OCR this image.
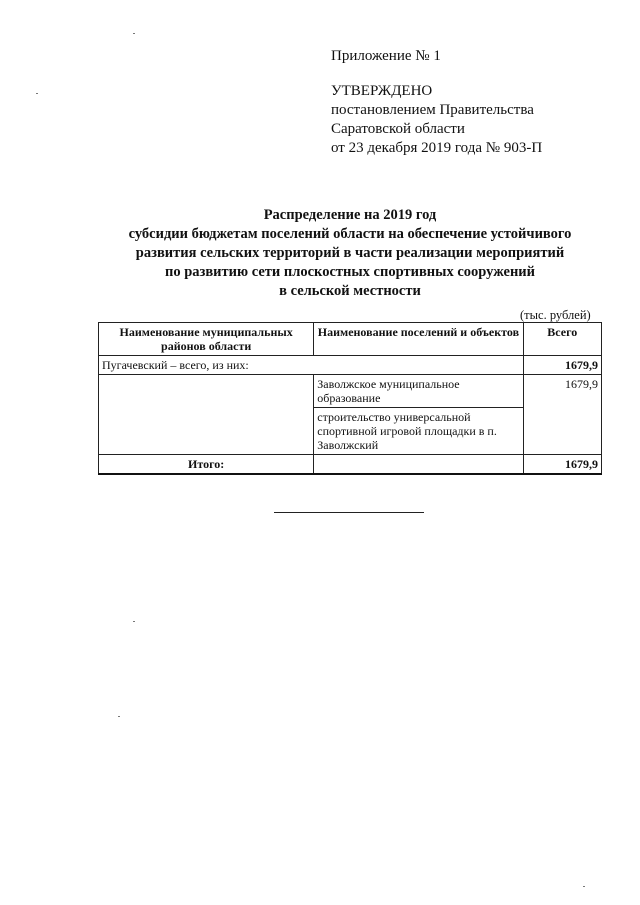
Приложение № 1
УТВЕРЖДЕНО
постановлением Правительства
Саратовской области
от 23 декабря 2019 года № 903-П
Распределение на 2019 год
субсидии бюджетам поселений области на обеспечение устойчивого
развития сельских территорий в части реализации мероприятий
по развитию сети плоскостных спортивных сооружений
в сельской местности
(тыс. рублей)
Наименование муниципальных районов области	Наименование поселений и объектов	Всего
Пугачевский – всего, из них:		1679,9
	Заволжское муниципальное образование	1679,9
	строительство универсальной спортивной игровой площадки в п. Заволжский	
Итого:		1679,9
